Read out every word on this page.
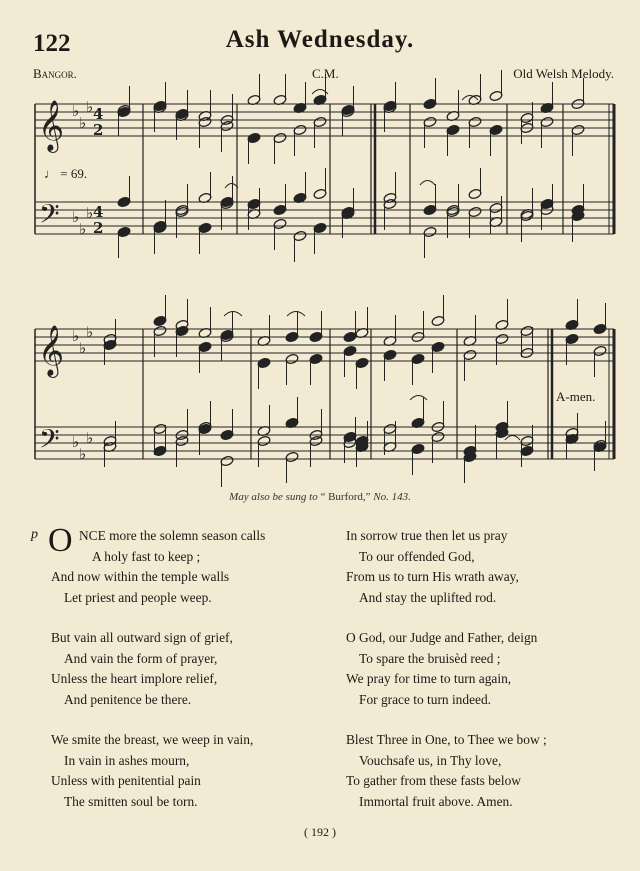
122	Ash Wednesday.
Bangor.	C.M.	Old Welsh Melody.
𝄞
𝄞
𝄢
𝄢
♭
♭
♭
♭
♭
♭
♭
♭
♭
♭
♭
♭
4
2
4
2
♩ = 69.
A-men.
May also be sung to “ Burford,” No. 143.
p O NCE more the solemn season calls
A holy fast to keep ;
And now within the temple walls
Let priest and people weep.
But vain all outward sign of grief,
And vain the form of prayer,
Unless the heart implore relief,
And penitence be there.
We smite the breast, we weep in vain,
In vain in ashes mourn,
Unless with penitential pain
The smitten soul be torn.
In sorrow true then let us pray
To our offended God,
From us to turn His wrath away,
And stay the uplifted rod.
O God, our Judge and Father, deign
To spare the bruisèd reed ;
We pray for time to turn again,
For grace to turn indeed.
Blest Three in One, to Thee we bow ;
Vouchsafe us, in Thy love,
To gather from these fasts below
Immortal fruit above. Amen.
( 192 )
